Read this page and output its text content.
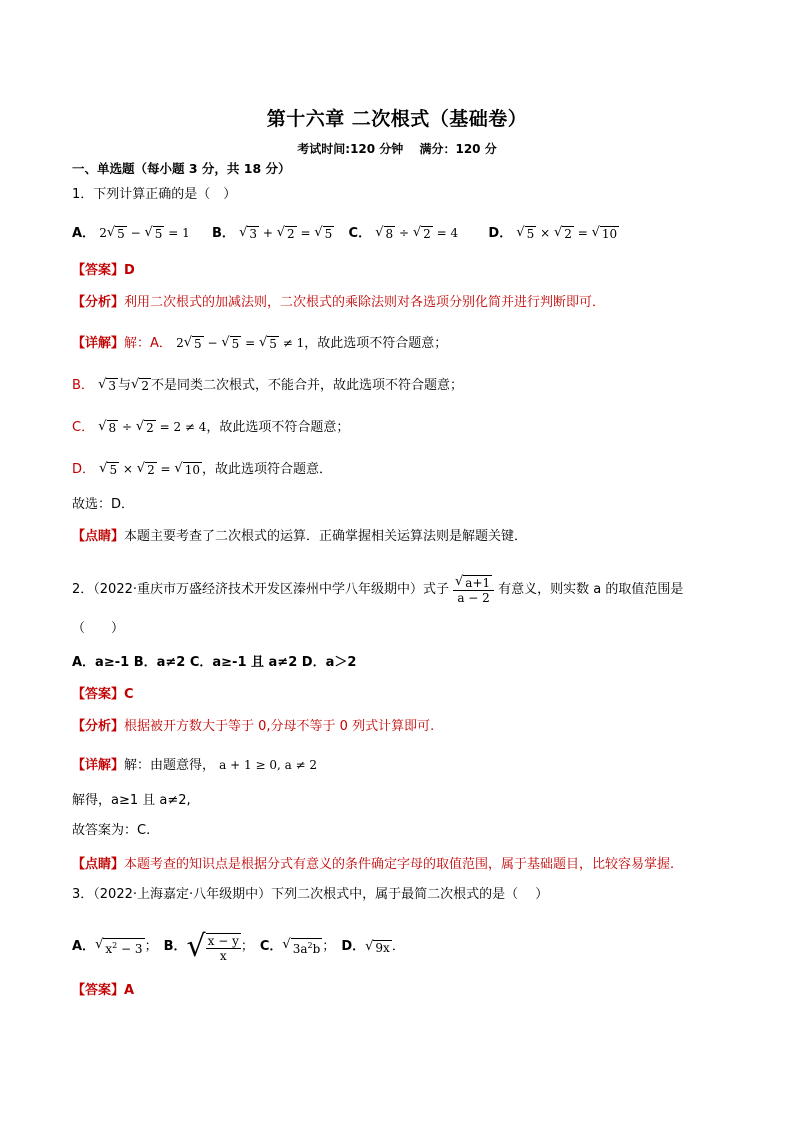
第十六章 二次根式（基础卷）
考试时间:120 分钟　 满分：120 分
一、单选题（每小题 3 分，共 18 分）
1．下列计算正确的是（　）
A． 2 √ 5 − √ 5 = 1 B． √ 3 + √ 2 = √ 5 C． √ 8 ÷ √ 2 = 4 D． √ 5 × √ 2 = √ 10
【答案】D
【分析】利用二次根式的加减法则，二次根式的乘除法则对各选项分别化简并进行判断即可．
【详解】解：A． 2 √ 5 − √ 5 = √ 5 ≠ 1，故此选项不符合题意；
B． √ 3 与 √ 2 不是同类二次根式，不能合并，故此选项不符合题意；
C． √ 8 ÷ √ 2 = 2 ≠ 4，故此选项不符合题意；
D． √ 5 × √ 2 = √ 10 ，故此选项符合题意．
故选：D．
【点睛】本题主要考查了二次根式的运算．正确掌握相关运算法则是解题关键．
2．（2022·重庆市万盛经济技术开发区溱州中学八年级期中）式子 $\frac{√ a+1}{a - 2}$ 有意义，则实数 a 的取值范围是
（　　）
A．a≥-1 B．a≠2 C．a≥-1 且 a≠2 D．a＞2
【答案】C
【分析】根据被开方数大于等于 0,分母不等于 0 列式计算即可.
【详解】解：由题意得， a + 1 ≥ 0, a ≠ 2
解得，a≥1 且 a≠2,
故答案为：C.
【点睛】本题考查的知识点是根据分式有意义的条件确定字母的取值范围，属于基础题目，比较容易掌握.
3．（2022·上海嘉定·八年级期中）下列二次根式中，属于最简二次根式的是（　 ）
A． √ $x^2 - 3$ ； B． √ $\frac{x - y}{x}$ ； C． √ $3a^2b$ ； D． √ 9x ．
【答案】A
